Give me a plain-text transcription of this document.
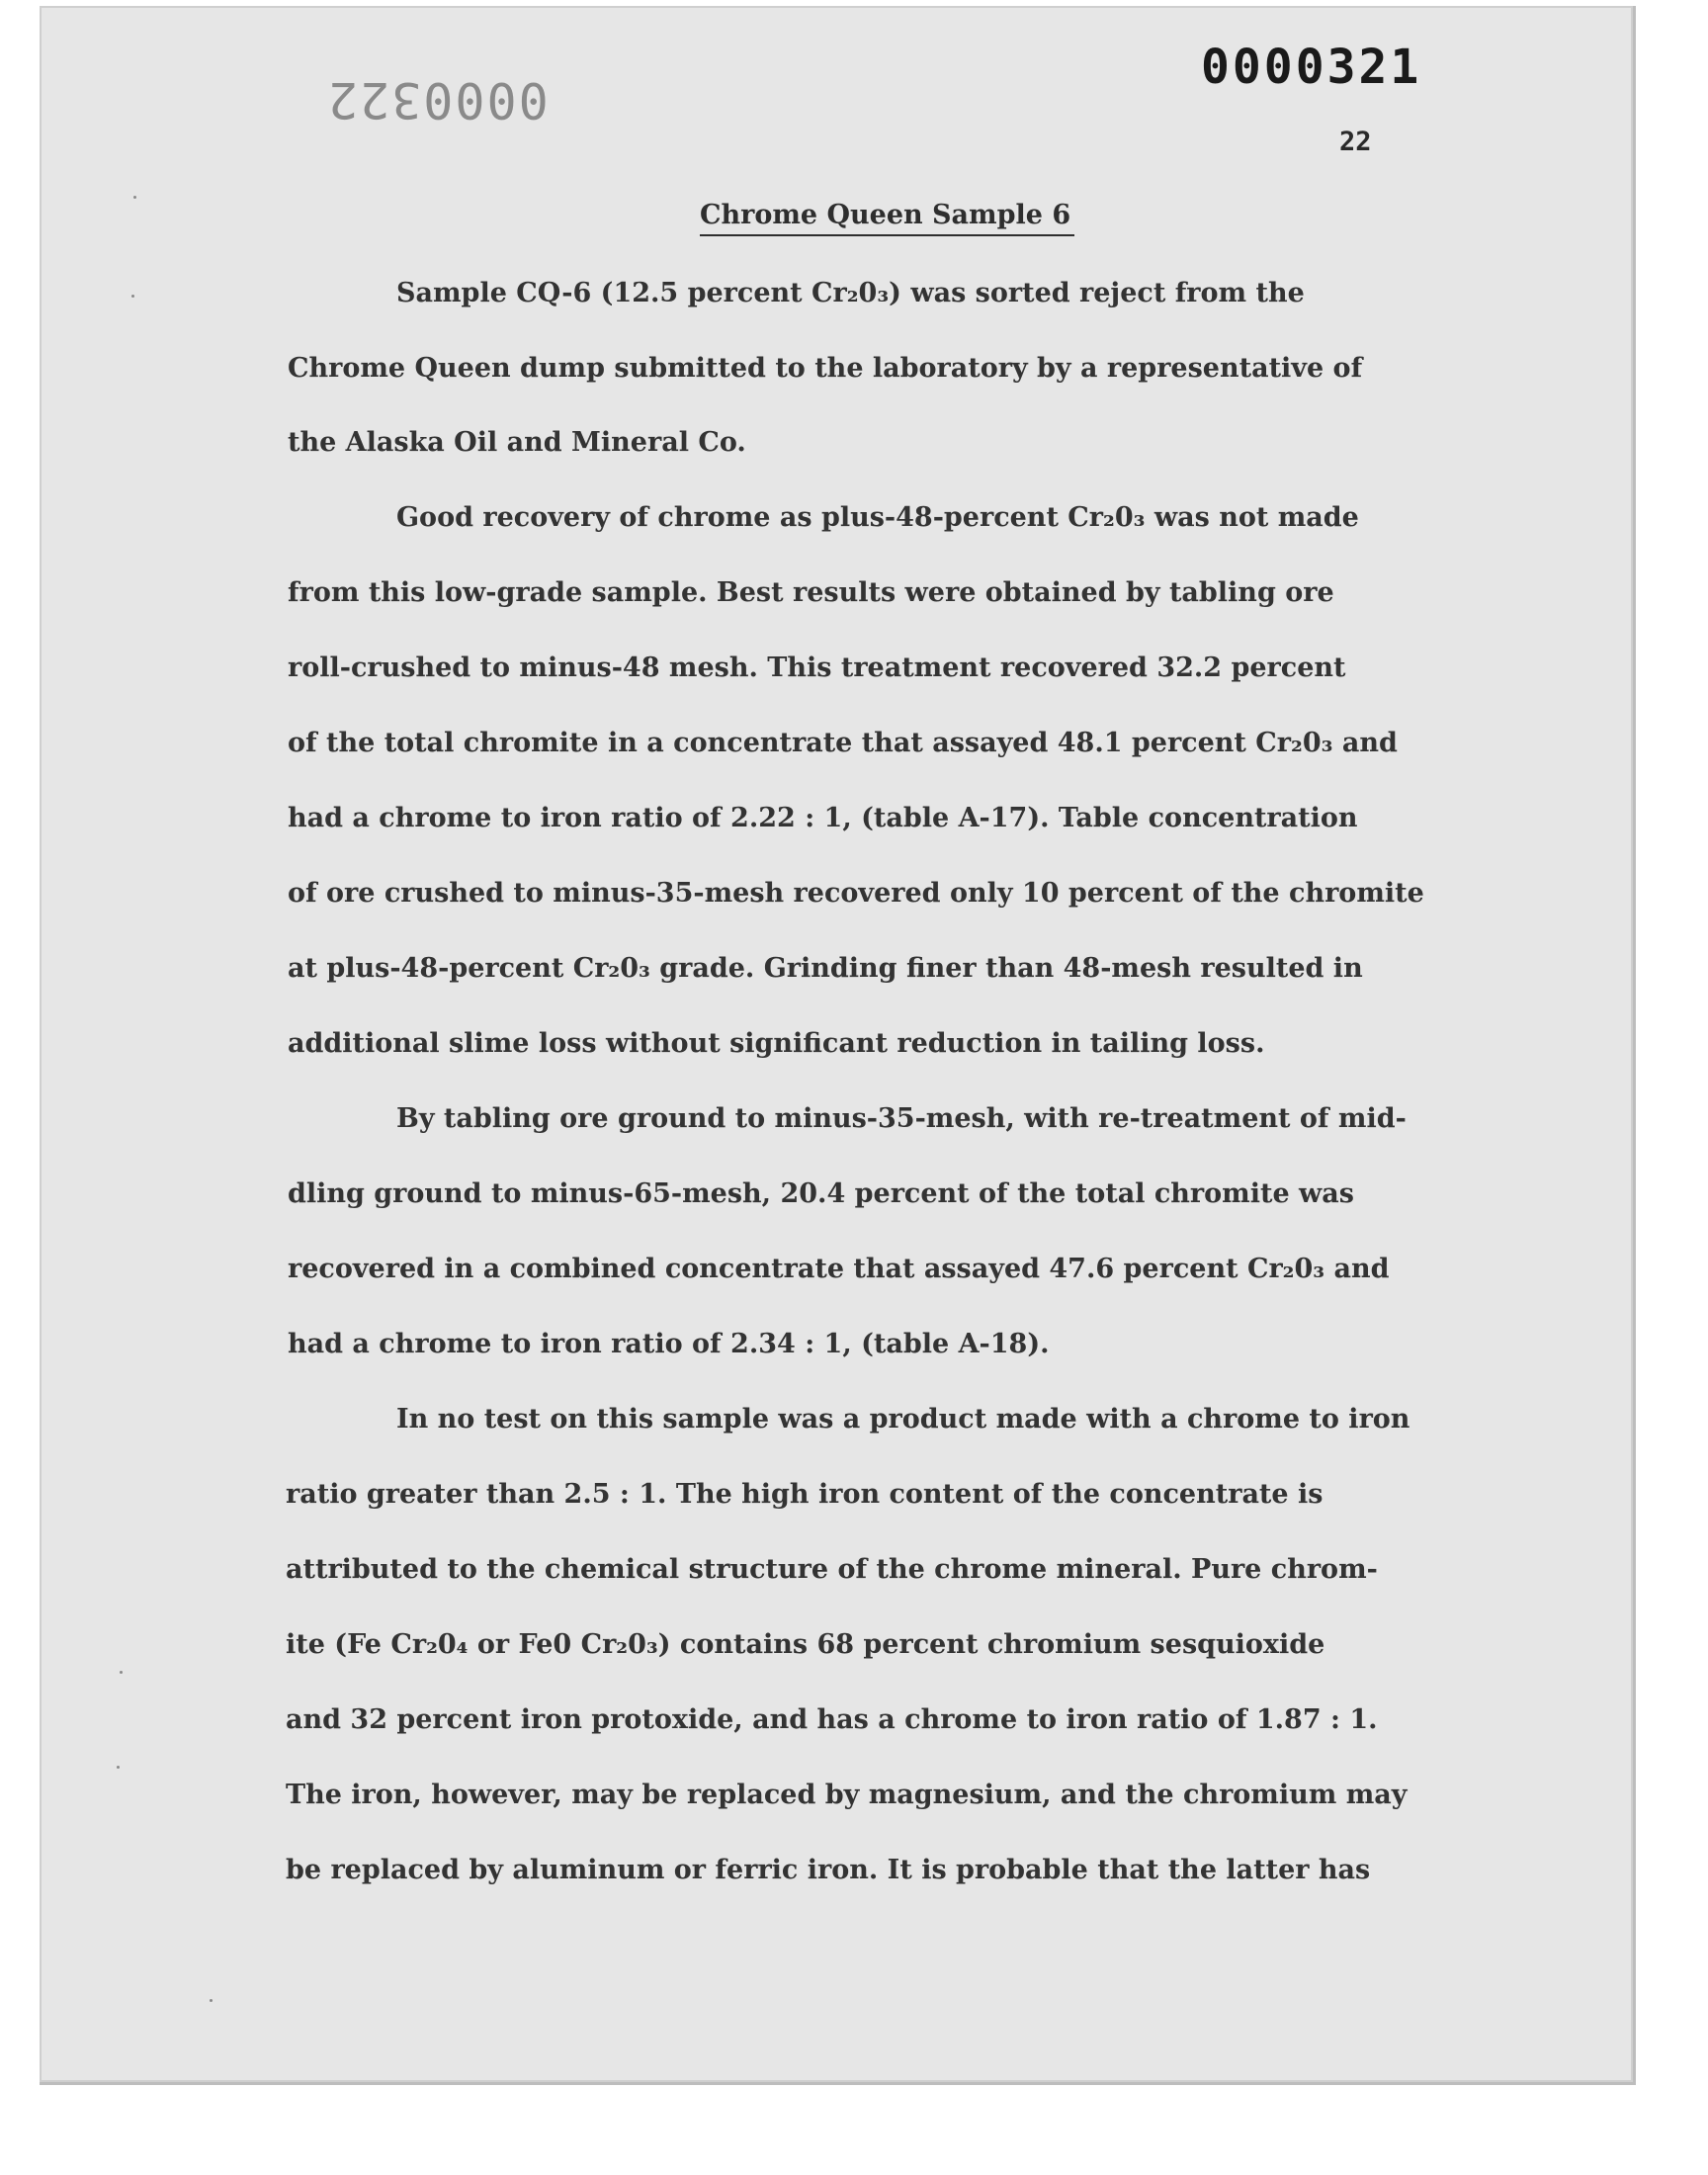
0000322
0000321
22
Chrome Queen Sample 6
Sample CQ-6 (12.5 percent Cr₂0₃) was sorted reject from the
Chrome Queen dump submitted to the laboratory by a representative of
the Alaska Oil and Mineral Co.
Good recovery of chrome as plus-48-percent Cr₂0₃ was not made
from this low-grade sample. Best results were obtained by tabling ore
roll-crushed to minus-48 mesh. This treatment recovered 32.2 percent
of the total chromite in a concentrate that assayed 48.1 percent Cr₂0₃ and
had a chrome to iron ratio of 2.22 : 1, (table A-17). Table concentration
of ore crushed to minus-35-mesh recovered only 10 percent of the chromite
at plus-48-percent Cr₂0₃ grade. Grinding finer than 48-mesh resulted in
additional slime loss without significant reduction in tailing loss.
By tabling ore ground to minus-35-mesh, with re-treatment of mid-
dling ground to minus-65-mesh, 20.4 percent of the total chromite was
recovered in a combined concentrate that assayed 47.6 percent Cr₂0₃ and
had a chrome to iron ratio of 2.34 : 1, (table A-18).
In no test on this sample was a product made with a chrome to iron
ratio greater than 2.5 : 1. The high iron content of the concentrate is
attributed to the chemical structure of the chrome mineral. Pure chrom-
ite (Fe Cr₂0₄ or Fe0 Cr₂0₃) contains 68 percent chromium sesquioxide
and 32 percent iron protoxide, and has a chrome to iron ratio of 1.87 : 1.
The iron, however, may be replaced by magnesium, and the chromium may
be replaced by aluminum or ferric iron. It is probable that the latter has
